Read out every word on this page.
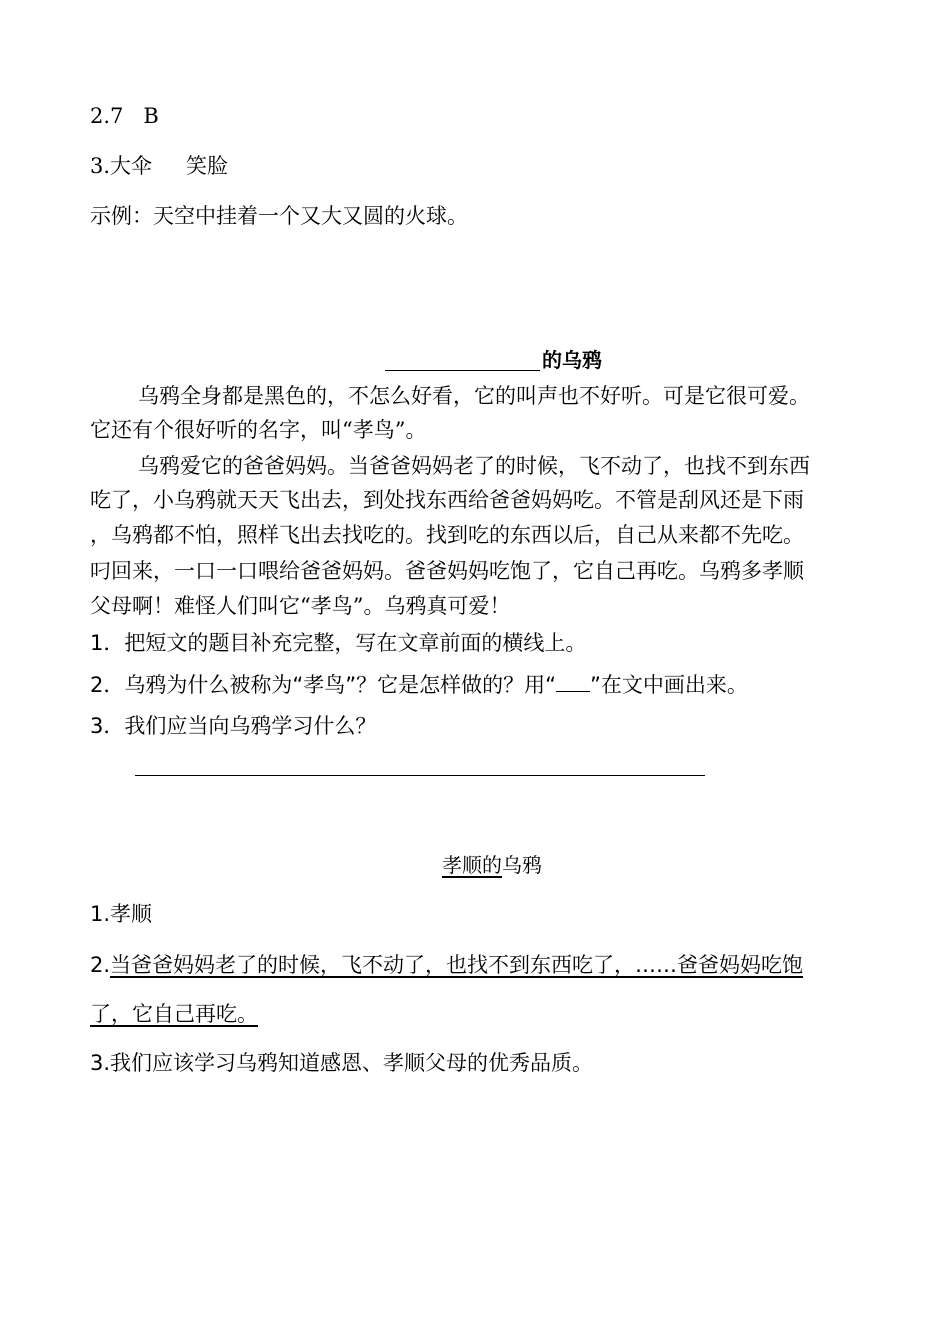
2.7 B
3.大伞 笑脸
示例：天空中挂着一个又大又圆的火球。
的乌鸦
乌鸦全身都是黑色的，不怎么好看，它的叫声也不好听。可是它很可爱。
它还有个很好听的名字，叫“孝鸟”。
乌鸦爱它的爸爸妈妈。当爸爸妈妈老了的时候，飞不动了，也找不到东西
吃了，小乌鸦就天天飞出去，到处找东西给爸爸妈妈吃。不管是刮风还是下雨
，乌鸦都不怕，照样飞出去找吃的。找到吃的东西以后，自己从来都不先吃。
叼回来，一口一口喂给爸爸妈妈。爸爸妈妈吃饱了，它自己再吃。乌鸦多孝顺
父母啊！难怪人们叫它“孝鸟”。乌鸦真可爱！
1．把短文的题目补充完整，写在文章前面的横线上。
2．乌鸦为什么被称为“孝鸟”？它是怎样做的？用“ ”在文中画出来。
3．我们应当向乌鸦学习什么？
孝顺的乌鸦
1.孝顺
2.当爸爸妈妈老了的时候，飞不动了，也找不到东西吃了，……爸爸妈妈吃饱
了，它自己再吃。
3.我们应该学习乌鸦知道感恩、孝顺父母的优秀品质。
